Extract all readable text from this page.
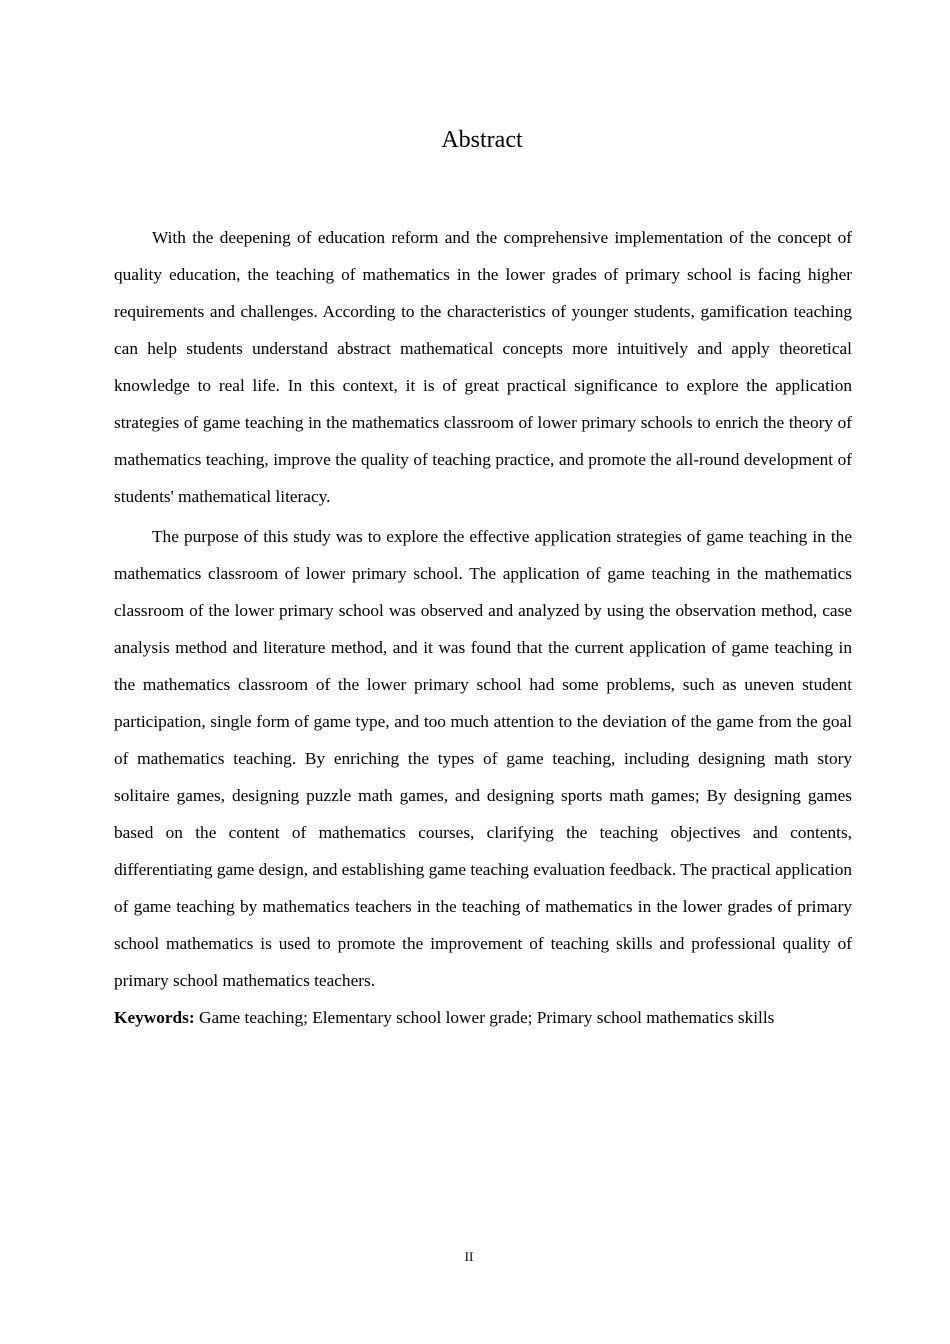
Abstract

With the deepening of education reform and the comprehensive implementation of the concept of quality education, the teaching of mathematics in the lower grades of primary school is facing higher requirements and challenges. According to the characteristics of younger students, gamification teaching can help students understand abstract mathematical concepts more intuitively and apply theoretical knowledge to real life. In this context, it is of great practical significance to explore the application strategies of game teaching in the mathematics classroom of lower primary schools to enrich the theory of mathematics teaching, improve the quality of teaching practice, and promote the all-round development of students' mathematical literacy.

The purpose of this study was to explore the effective application strategies of game teaching in the mathematics classroom of lower primary school. The application of game teaching in the mathematics classroom of the lower primary school was observed and analyzed by using the observation method, case analysis method and literature method, and it was found that the current application of game teaching in the mathematics classroom of the lower primary school had some problems, such as uneven student participation, single form of game type, and too much attention to the deviation of the game from the goal of mathematics teaching. By enriching the types of game teaching, including designing math story solitaire games, designing puzzle math games, and designing sports math games; By designing games based on the content of mathematics courses, clarifying the teaching objectives and contents, differentiating game design, and establishing game teaching evaluation feedback. The practical application of game teaching by mathematics teachers in the teaching of mathematics in the lower grades of primary school mathematics is used to promote the improvement of teaching skills and professional quality of primary school mathematics teachers.

Keywords: Game teaching; Elementary school lower grade; Primary school mathematics skills

II
